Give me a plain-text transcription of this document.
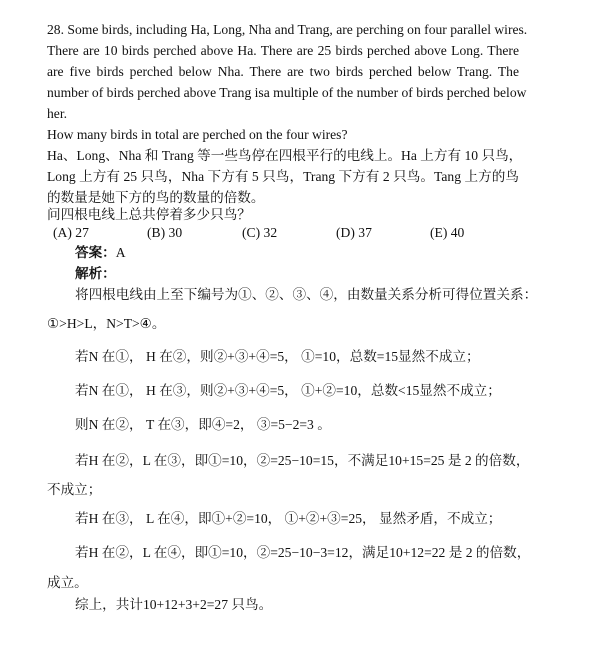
28. Some birds, including Ha, Long, Nha and Trang, are perching on four parallel wires.
There are 10 birds perched above Ha. There are 25 birds perched above Long. There
are five birds perched below Nha. There are two birds perched below Trang. The
number of birds perched above Trang isa multiple of the number of birds perched below
her.
How many birds in total are perched on the four wires?
Ha、Long、Nha 和 Trang 等一些鸟停在四根平行的电线上。Ha 上方有 10 只鸟，
Long 上方有 25 只鸟，Nha 下方有 5 只鸟，Trang 下方有 2 只鸟。Tang 上方的鸟
的数量是她下方的鸟的数量的倍数。
问四根电线上总共停着多少只鸟？
(A) 27	(B) 30	(C) 32	(D) 37	(E) 40
答案：A
解析：
将四根电线由上至下编号为①、②、③、④，由数量关系分析可得位置关系：
①>H>L，N>T>④。
若N 在①， H 在②，则②+③+④=5， ①=10，总数=15显然不成立；
若N 在①， H 在③，则②+③+④=5， ①+②=10，总数<15显然不成立；
则N 在②， T 在③，即④=2， ③=5−2=3 。
若H 在②，L 在③，即①=10，②=25−10=15，不满足10+15=25 是 2 的倍数，
不成立；
若H 在③， L 在④，即①+②=10， ①+②+③=25， 显然矛盾，不成立；
若H 在②，L 在④，即①=10，②=25−10−3=12，满足10+12=22 是 2 的倍数，
成立。
综上，共计10+12+3+2=27 只鸟。
